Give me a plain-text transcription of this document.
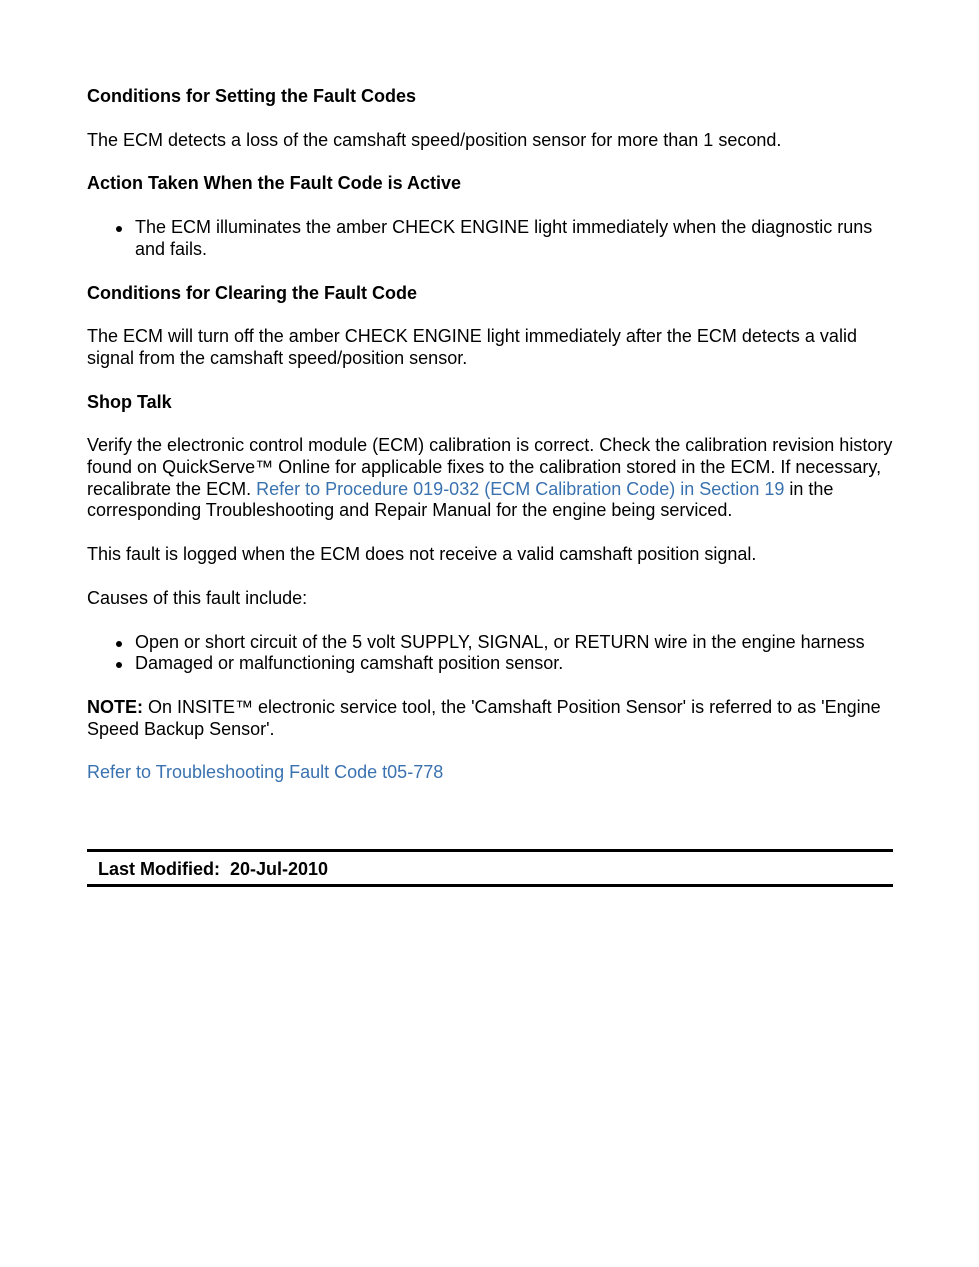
Conditions for Setting the Fault Codes
The ECM detects a loss of the camshaft speed/position sensor for more than 1 second.
Action Taken When the Fault Code is Active
The ECM illuminates the amber CHECK ENGINE light immediately when the diagnostic runs and fails.
Conditions for Clearing the Fault Code
The ECM will turn off the amber CHECK ENGINE light immediately after the ECM detects a valid signal from the camshaft speed/position sensor.
Shop Talk
Verify the electronic control module (ECM) calibration is correct. Check the calibration revision history found on QuickServe™ Online for applicable fixes to the calibration stored in the ECM. If necessary, recalibrate the ECM. Refer to Procedure 019-032 (ECM Calibration Code) in Section 19 in the corresponding Troubleshooting and Repair Manual for the engine being serviced.
This fault is logged when the ECM does not receive a valid camshaft position signal.
Causes of this fault include:
Open or short circuit of the 5 volt SUPPLY, SIGNAL, or RETURN wire in the engine harness
Damaged or malfunctioning camshaft position sensor.
NOTE: On INSITE™ electronic service tool, the 'Camshaft Position Sensor' is referred to as 'Engine Speed Backup Sensor'.
Refer to Troubleshooting Fault Code t05-778
Last Modified:  20-Jul-2010
